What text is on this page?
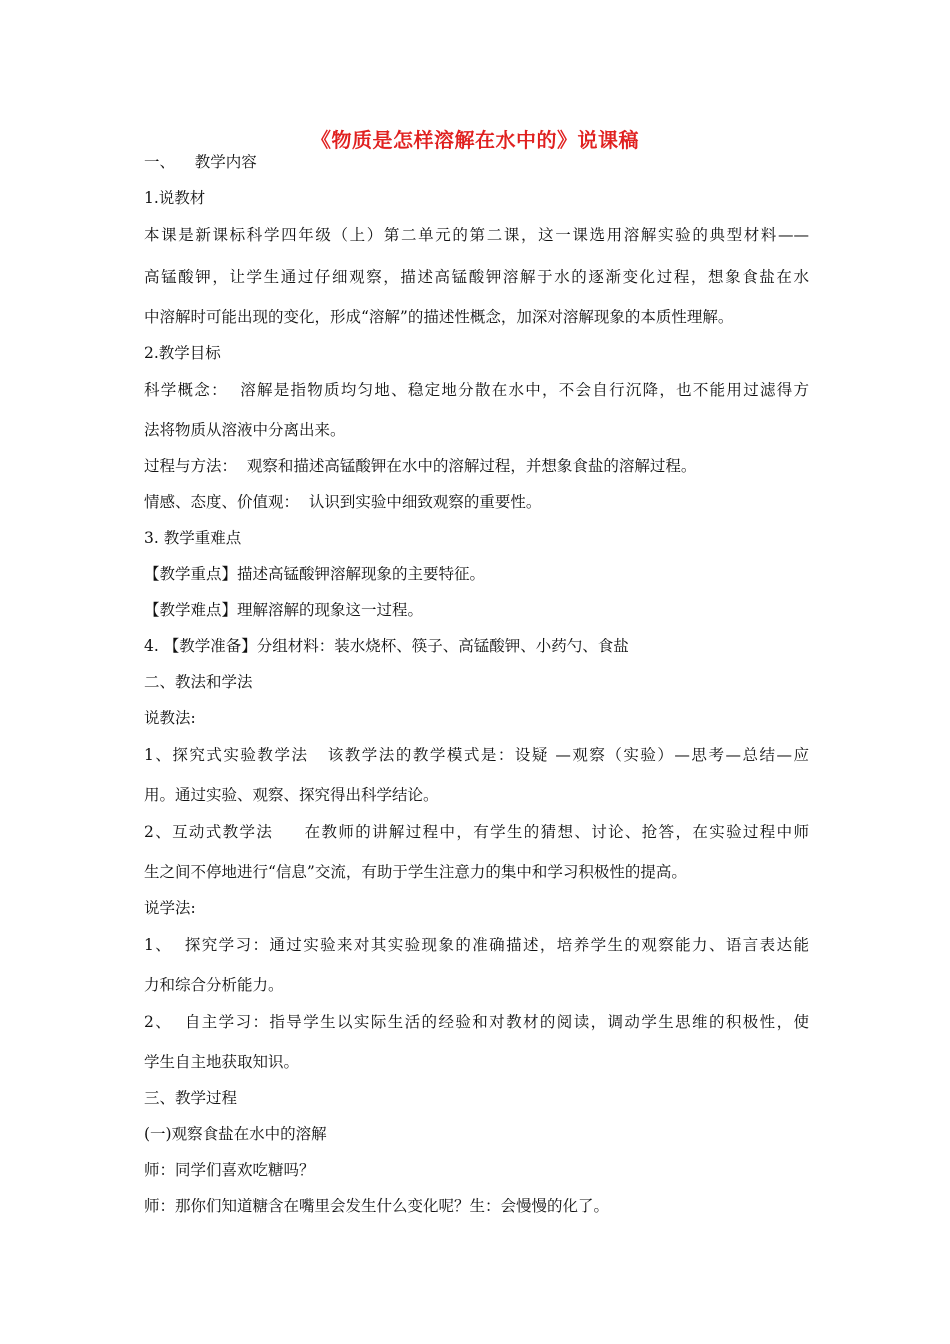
《物质是怎样溶解在水中的》说课稿
一、    教学内容
1.说教材
本课是新课标科学四年级（上）第二单元的第二课，这一课选用溶解实验的典型材料——
高锰酸钾，让学生通过仔细观察，描述高锰酸钾溶解于水的逐渐变化过程，想象食盐在水
中溶解时可能出现的变化，形成“溶解”的描述性概念，加深对溶解现象的本质性理解。
2.教学目标
科学概念：  溶解是指物质均匀地、稳定地分散在水中，不会自行沉降，也不能用过滤得方
法将物质从溶液中分离出来。
过程与方法：  观察和描述高锰酸钾在水中的溶解过程，并想象食盐的溶解过程。
情感、态度、价值观：  认识到实验中细致观察的重要性。
3. 教学重难点
【教学重点】描述高锰酸钾溶解现象的主要特征。
【教学难点】理解溶解的现象这一过程。
4. 【教学准备】分组材料：装水烧杯、筷子、高锰酸钾、小药勺、食盐
二、教法和学法
说教法:
1、探究式实验教学法   该教学法的教学模式是：设疑 —观察（实验）—思考—总结—应
用。通过实验、观察、探究得出科学结论。
2、互动式教学法     在教师的讲解过程中，有学生的猜想、讨论、抢答，在实验过程中师
生之间不停地进行“信息”交流，有助于学生注意力的集中和学习积极性的提高。
说学法:
1、  探究学习：通过实验来对其实验现象的准确描述，培养学生的观察能力、语言表达能
力和综合分析能力。
2、  自主学习：指导学生以实际生活的经验和对教材的阅读，调动学生思维的积极性，使
学生自主地获取知识。
三、教学过程
(一)观察食盐在水中的溶解
师：同学们喜欢吃糖吗？
师：那你们知道糖含在嘴里会发生什么变化呢？生：会慢慢的化了。
